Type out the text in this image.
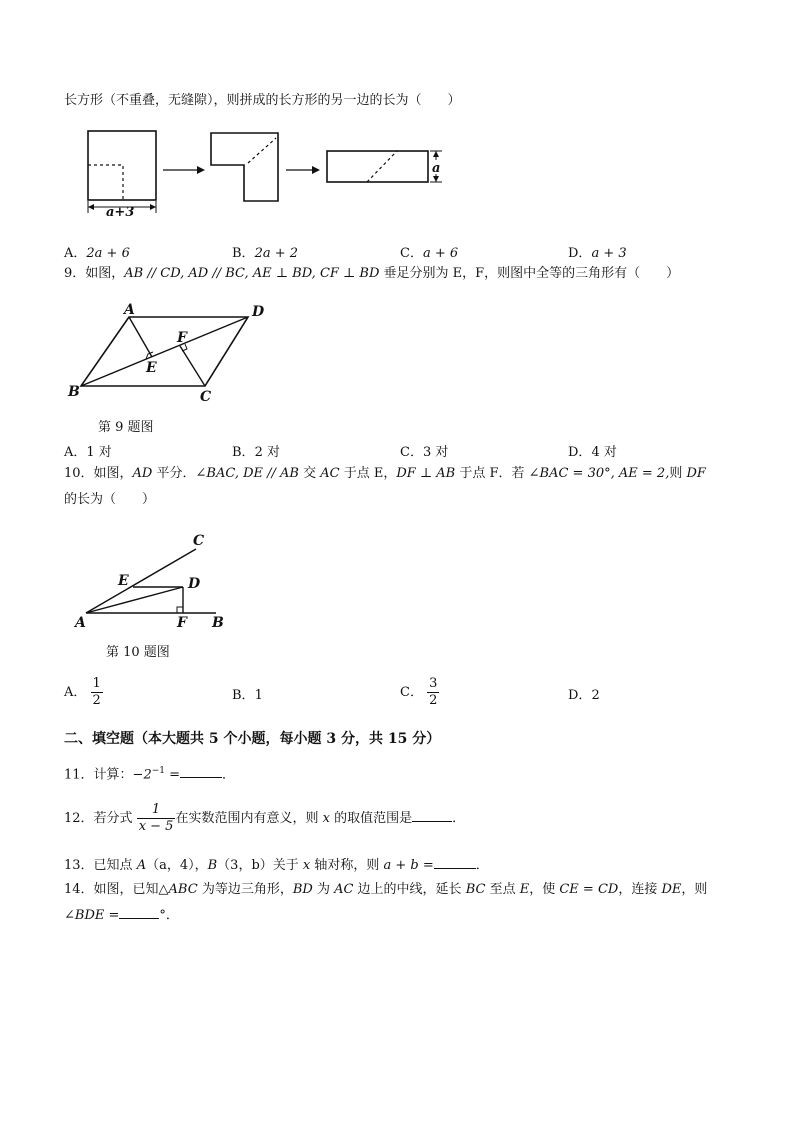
长方形（不重叠，无缝隙），则拼成的长方形的另一边的长为（　　）
a+3
a
A．2a + 6	B．2a + 2	C．a + 6	D．a + 3
9．如图，AB // CD, AD // BC, AE ⊥ BD, CF ⊥ BD 垂足分别为 E，F，则图中全等的三角形有（　　）
A	D
B	C
E
F
第 9 题图
A．1 对	B．2 对	C．3 对	D．4 对
10．如图，AD 平分．∠BAC, DE // AB 交 AC 于点 E，DF ⊥ AB 于点 F．若 ∠BAC = 30°, AE = 2,则 DF
的长为（　　）
C
E	D
A	F B
第 10 题图
A． $\frac{1}{2}$	B．1	C． $\frac{3}{2}$	D．2
二、填空题（本大题共 5 个小题，每小题 3 分，共 15 分）
11．计算：$-2^{-1}$ =	．
12．若分式 $\frac{1}{x - 5}$ 在实数范围内有意义，则 x 的取值范围是	．
13．已知点 A（a，4），B（3，b）关于 x 轴对称，则 a + b =	．
14．如图，已知△ABC 为等边三角形，BD 为 AC 边上的中线，延长 BC 至点 E，使 CE = CD，连接 DE，则
∠BDE =	°．
